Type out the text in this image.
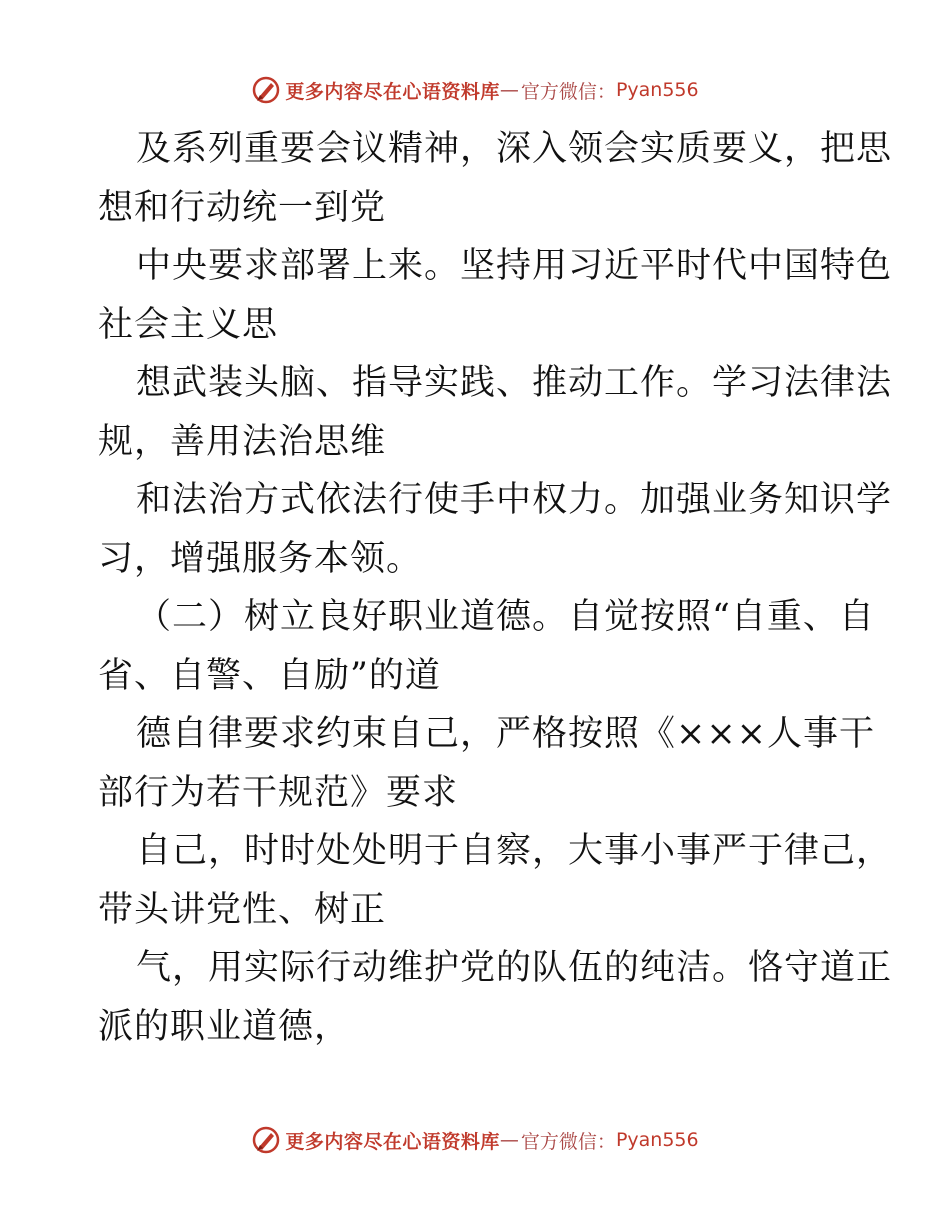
更多内容尽在心语资料库 — 官方微信： Pyan556
及系列重要会议精神，深入领会实质要义，把思
想和行动统一到党
中央要求部署上来。坚持用习近平时代中国特色
社会主义思
想武装头脑、指导实践、推动工作。学习法律法
规，善用法治思维
和法治方式依法行使手中权力。加强业务知识学
习，增强服务本领。
（二）树立良好职业道德。自觉按照“自重、自
省、自警、自励”的道
德自律要求约束自己，严格按照《×××人事干
部行为若干规范》要求
自己，时时处处明于自察，大事小事严于律己，
带头讲党性、树正
气，用实际行动维护党的队伍的纯洁。恪守道正
派的职业道德，
更多内容尽在心语资料库 — 官方微信： Pyan556
